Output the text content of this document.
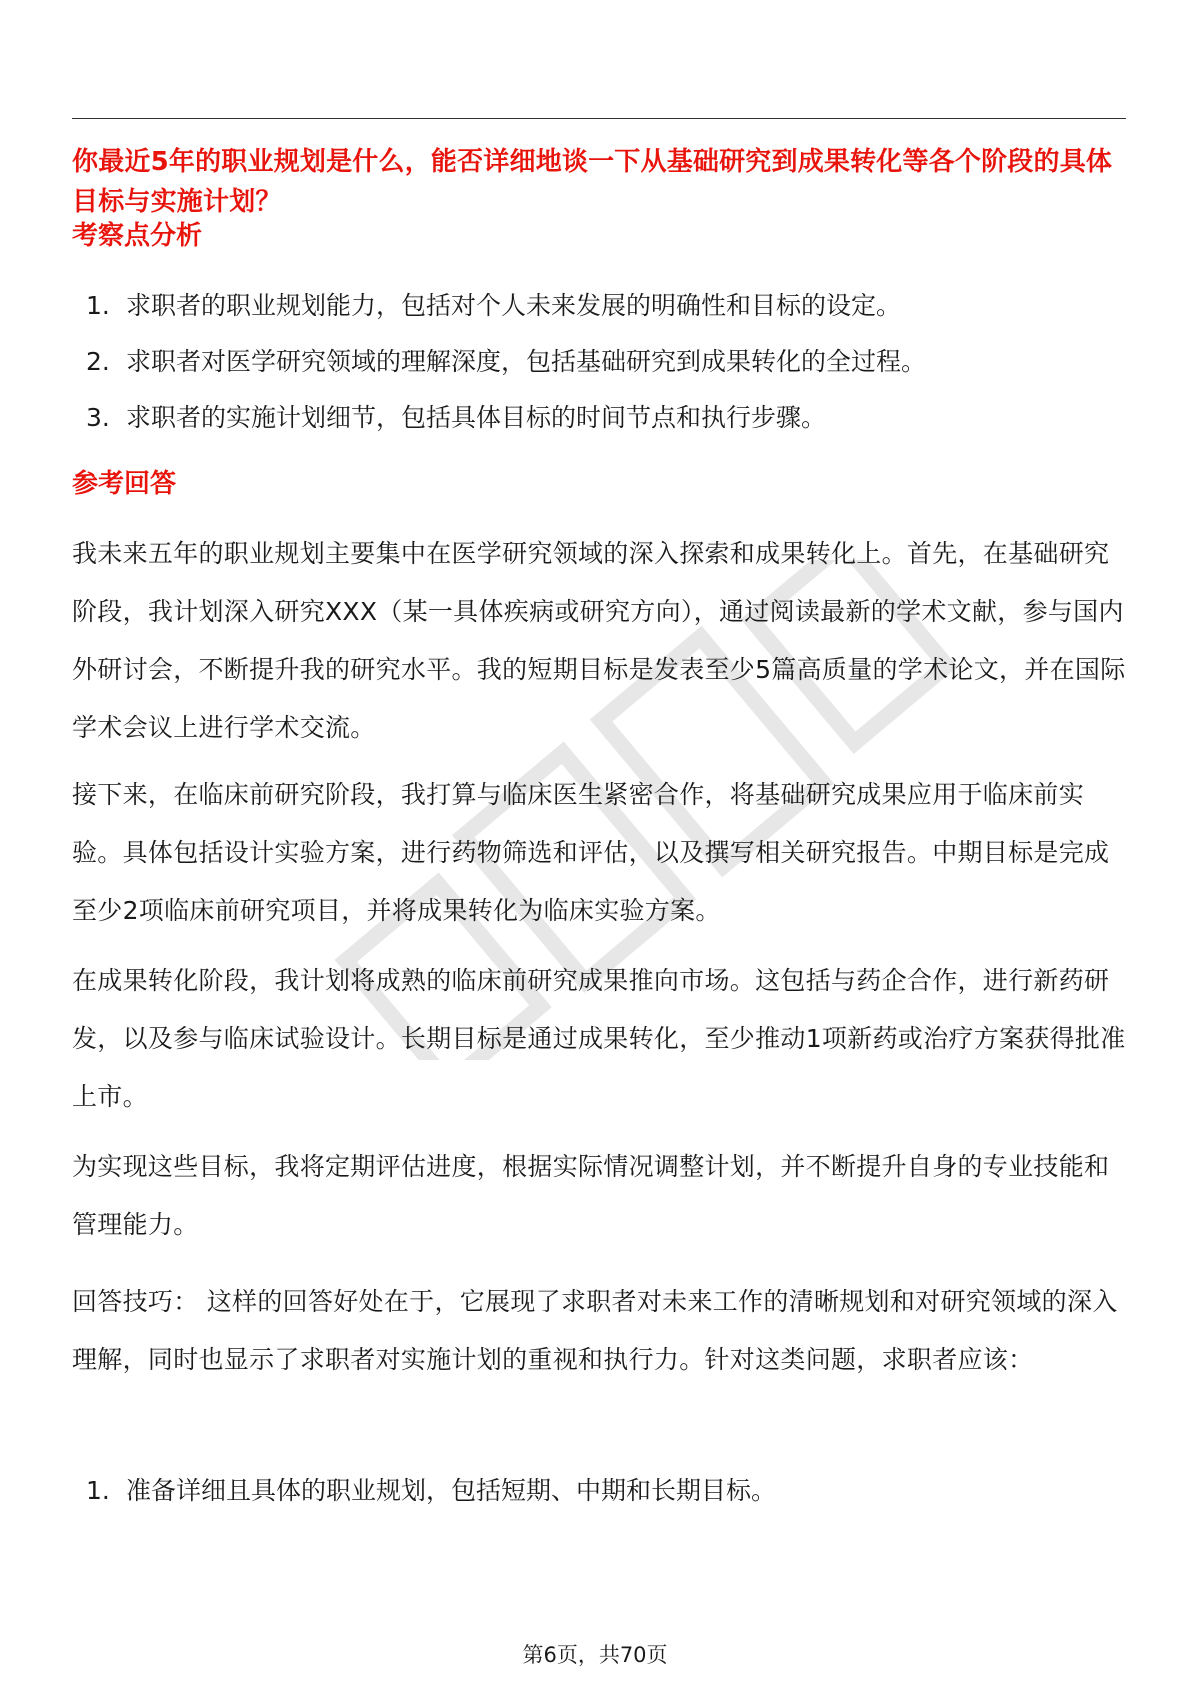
你最近5年的职业规划是什么，能否详细地谈一下从基础研究到成果转化等各个阶段的具体目标与实施计划？
考察点分析
1. 求职者的职业规划能力，包括对个人未来发展的明确性和目标的设定。
2. 求职者对医学研究领域的理解深度，包括基础研究到成果转化的全过程。
3. 求职者的实施计划细节，包括具体目标的时间节点和执行步骤。
参考回答

我未来五年的职业规划主要集中在医学研究领域的深入探索和成果转化上。首先，在基础研究阶段，我计划深入研究XXX（某一具体疾病或研究方向），通过阅读最新的学术文献，参与国内外研讨会，不断提升我的研究水平。我的短期目标是发表至少5篇高质量的学术论文，并在国际学术会议上进行学术交流。

接下来，在临床前研究阶段，我打算与临床医生紧密合作，将基础研究成果应用于临床前实验。具体包括设计实验方案，进行药物筛选和评估，以及撰写相关研究报告。中期目标是完成至少2项临床前研究项目，并将成果转化为临床实验方案。

在成果转化阶段，我计划将成熟的临床前研究成果推向市场。这包括与药企合作，进行新药研发，以及参与临床试验设计。长期目标是通过成果转化，至少推动1项新药或治疗方案获得批准上市。

为实现这些目标，我将定期评估进度，根据实际情况调整计划，并不断提升自身的专业技能和管理能力。

回答技巧： 这样的回答好处在于，它展现了求职者对未来工作的清晰规划和对研究领域的深入理解，同时也显示了求职者对实施计划的重视和执行力。针对这类问题，求职者应该：

1. 准备详细且具体的职业规划，包括短期、中期和长期目标。
第6页，共70页
